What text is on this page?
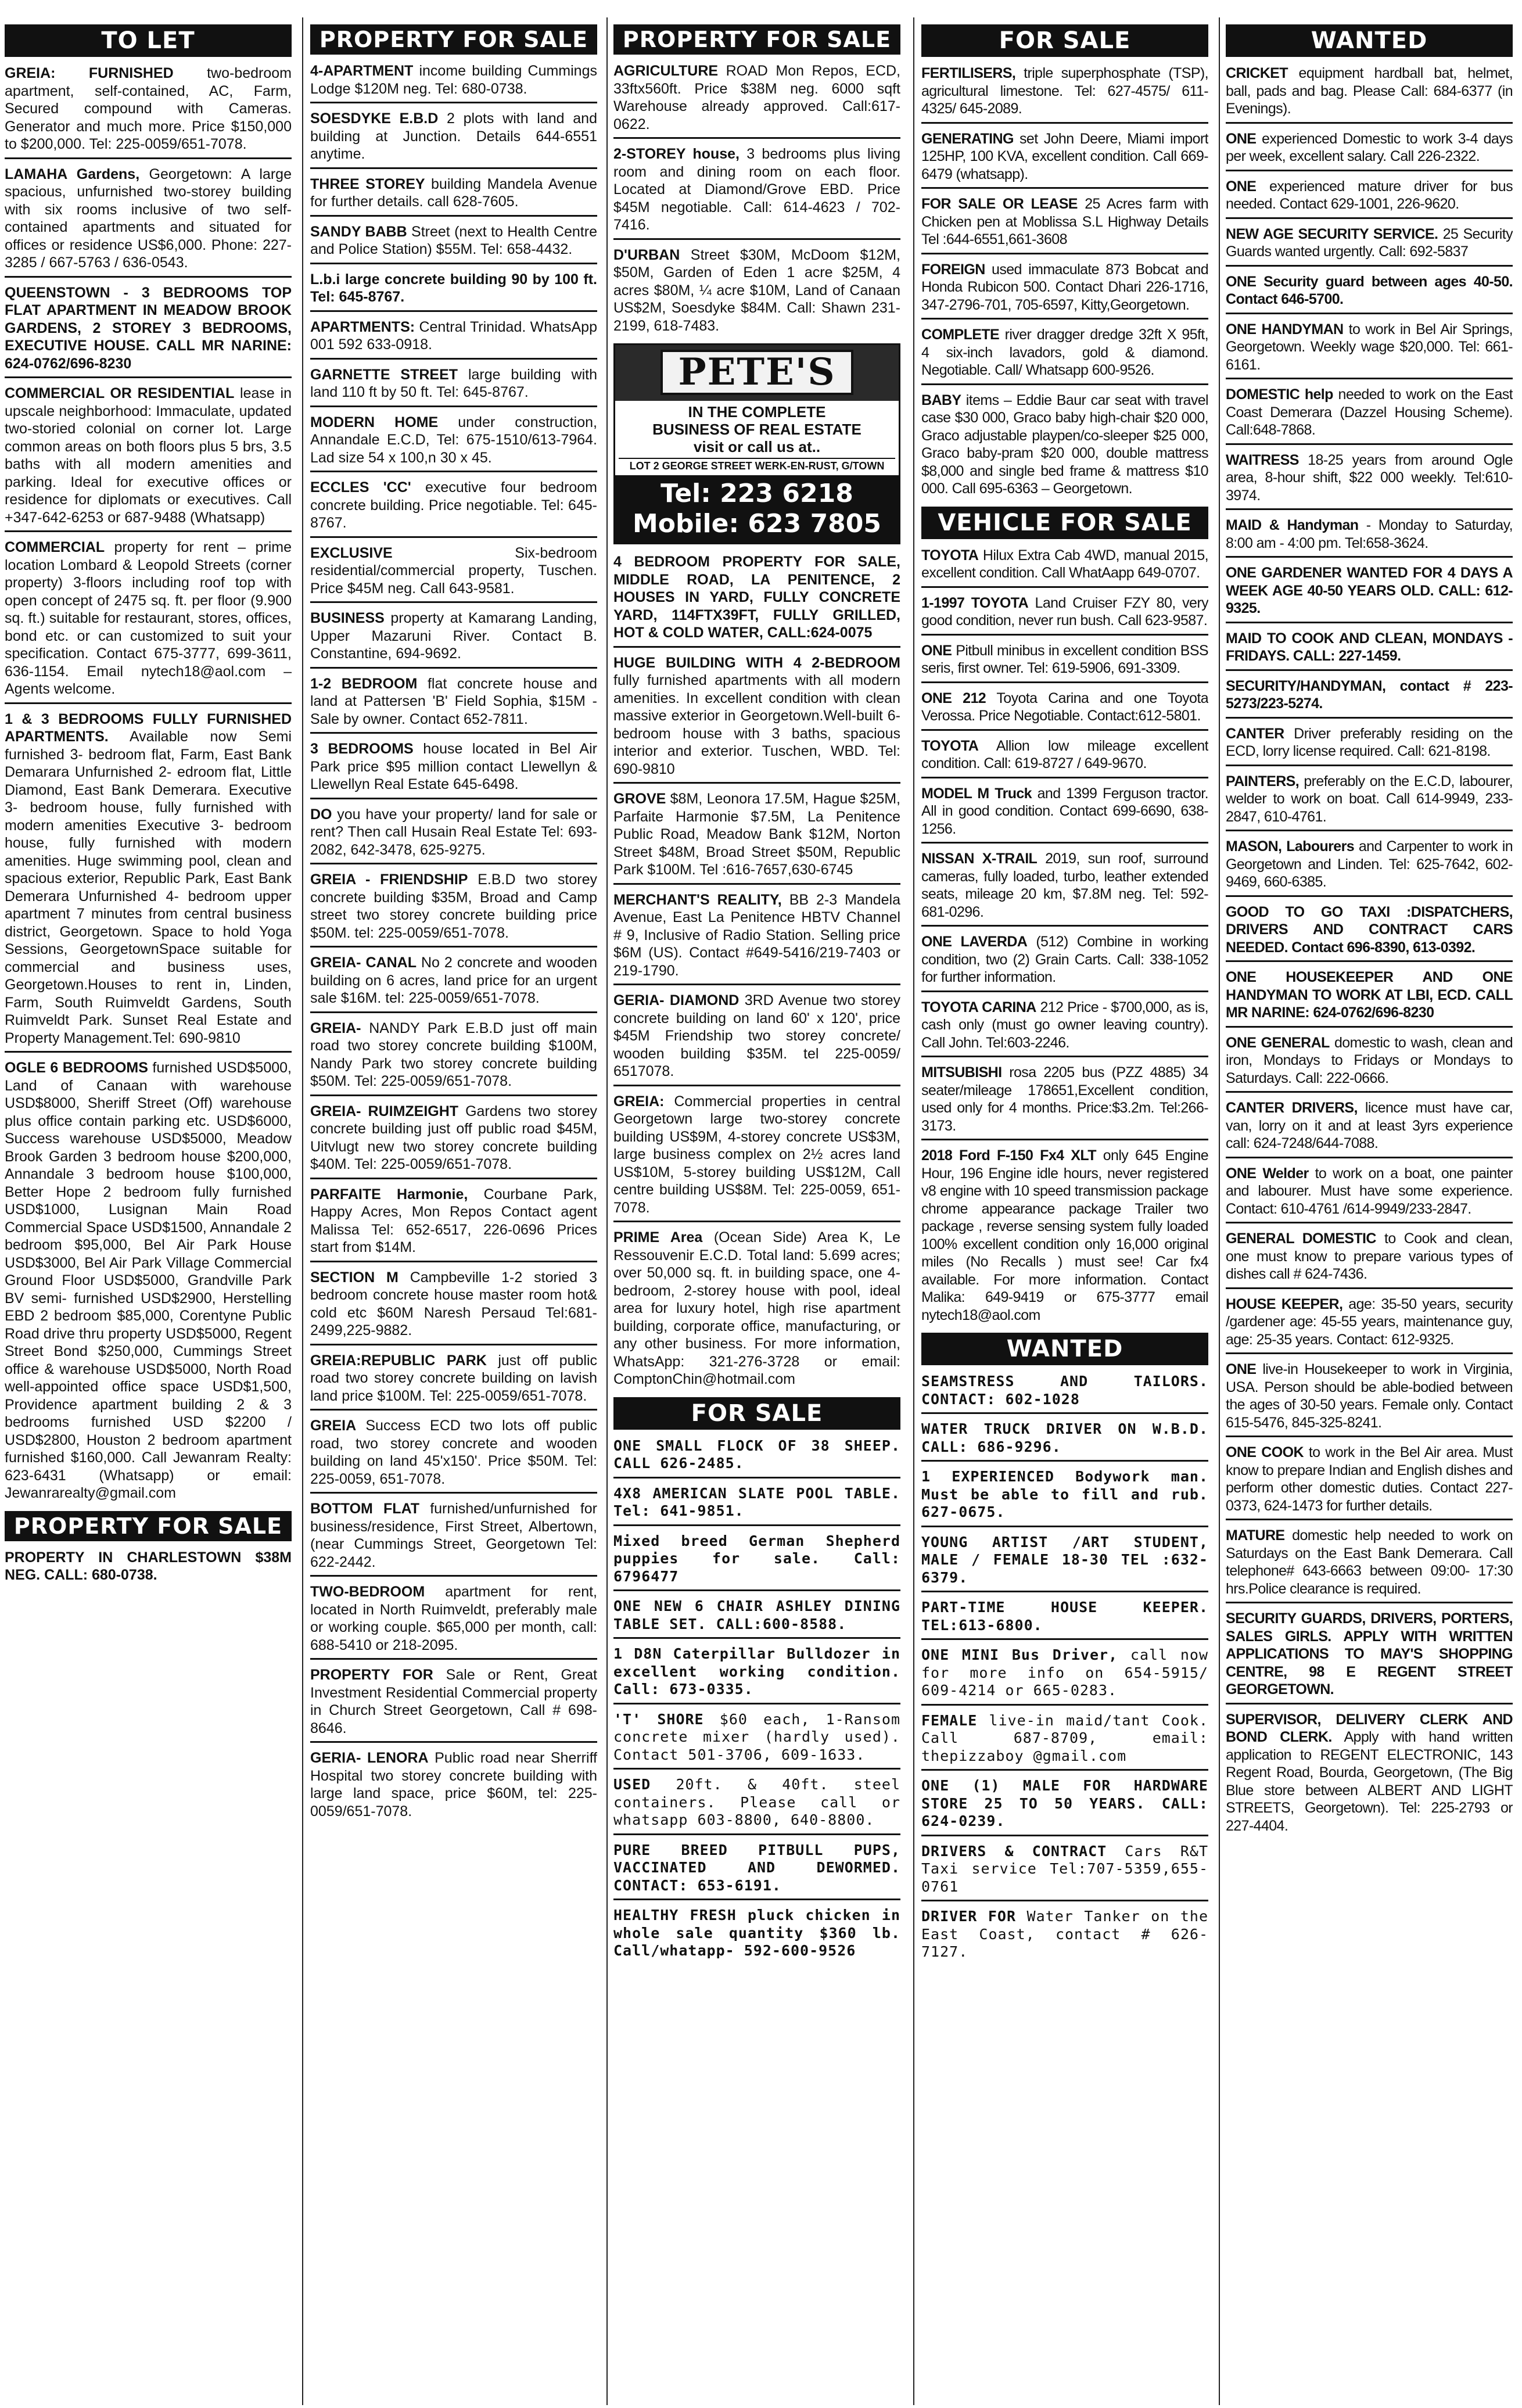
TO LET
GREIA: FURNISHED two-bedroom apartment, self-contained, AC, Farm, Secured compound with Cameras. Generator and much more. Price $150,000 to $200,000. Tel: 225-0059/651-7078.
LAMAHA Gardens, Georgetown: A large spacious, unfurnished two-storey building with six rooms inclusive of two self-contained apartments and situated for offices or residence US$6,000. Phone: 227-3285 / 667-5763 / 636-0543.
QUEENSTOWN - 3 BEDROOMS TOP FLAT APARTMENT IN MEADOW BROOK GARDENS, 2 STOREY 3 BEDROOMS, EXECUTIVE HOUSE. CALL MR NARINE: 624-0762/696-8230
COMMERCIAL OR RESIDENTIAL lease in upscale neighborhood: Immaculate, updated two-storied colonial on corner lot. Large common areas on both floors plus 5 brs, 3.5 baths with all modern amenities and parking. Ideal for executive offices or residence for diplomats or executives. Call +347-642-6253 or 687-9488 (Whatsapp)
COMMERCIAL property for rent – prime location Lombard & Leopold Streets (corner property) 3-floors including roof top with open concept of 2475 sq. ft. per floor (9.900 sq. ft.) suitable for restaurant, stores, offices, bond etc. or can customized to suit your specification. Contact 675-3777, 699-3611, 636-1154. Email nytech18@aol.com – Agents welcome.
1 & 3 BEDROOMS FULLY FURNISHED APARTMENTS. Available now Semi furnished 3- bedroom flat, Farm, East Bank Demarara Unfurnished 2- edroom flat, Little Diamond, East Bank Demerara. Executive 3- bedroom house, fully furnished with modern amenities Executive 3- bedroom house, fully furnished with modern amenities. Huge swimming pool, clean and spacious exterior, Republic Park, East Bank Demerara Unfurnished 4- bedroom upper apartment 7 minutes from central business district, Georgetown. Space to hold Yoga Sessions, GeorgetownSpace suitable for commercial and business uses, Georgetown.Houses to rent in, Linden, Farm, South Ruimveldt Gardens, South Ruimveldt Park. Sunset Real Estate and Property Management.Tel: 690-9810
OGLE 6 BEDROOMS furnished USD$5000, Land of Canaan with warehouse USD$8000, Sheriff Street (Off) warehouse plus office contain parking etc. USD$6000, Success warehouse USD$5000, Meadow Brook Garden 3 bedroom house $200,000, Annandale 3 bedroom house $100,000, Better Hope 2 bedroom fully furnished USD$1000, Lusignan Main Road Commercial Space USD$1500, Annandale 2 bedroom $95,000, Bel Air Park House USD$3000, Bel Air Park Village Commercial Ground Floor USD$5000, Grandville Park BV semi- furnished USD$2900, Herstelling EBD 2 bedroom $85,000, Corentyne Public Road drive thru property USD$5000, Regent Street Bond $250,000, Cummings Street office & warehouse USD$5000, North Road well-appointed office space USD$1,500, Providence apartment building 2 & 3 bedrooms furnished USD $2200 / USD$2800, Houston 2 bedroom apartment furnished $160,000. Call Jewanram Realty: 623-6431 (Whatsapp) or email: Jewanrarealty@gmail.com
PROPERTY FOR SALE
PROPERTY IN CHARLESTOWN $38M NEG. CALL: 680-0738.
PROPERTY FOR SALE
4-APARTMENT income building Cummings Lodge $120M neg. Tel: 680-0738.
SOESDYKE E.B.D 2 plots with land and building at Junction. Details 644-6551 anytime.
THREE STOREY building Mandela Avenue for further details. call 628-7605.
SANDY BABB Street (next to Health Centre and Police Station) $55M. Tel: 658-4432.
L.b.i large concrete building 90 by 100 ft. Tel: 645-8767.
APARTMENTS: Central Trinidad. WhatsApp 001 592 633-0918.
GARNETTE STREET large building with land 110 ft by 50 ft. Tel: 645-8767.
MODERN HOME under construction, Annandale E.C.D, Tel: 675-1510/613-7964. Lad size 54 x 100,n 30 x 45.
ECCLES 'CC' executive four bedroom concrete building. Price negotiable. Tel: 645-8767.
EXCLUSIVE Six-bedroom residential/commercial property, Tuschen. Price $45M neg. Call 643-9581.
BUSINESS property at Kamarang Landing, Upper Mazaruni River. Contact B. Constantine, 694-9692.
1-2 BEDROOM flat concrete house and land at Pattersen 'B' Field Sophia, $15M - Sale by owner. Contact 652-7811.
3 BEDROOMS house located in Bel Air Park price $95 million contact Llewellyn & Llewellyn Real Estate 645-6498.
DO you have your property/ land for sale or rent? Then call Husain Real Estate Tel: 693-2082, 642-3478, 625-9275.
GREIA - FRIENDSHIP E.B.D two storey concrete building $35M, Broad and Camp street two storey concrete building price $50M. tel: 225-0059/651-7078.
GREIA- CANAL No 2 concrete and wooden building on 6 acres, land price for an urgent sale $16M. tel: 225-0059/651-7078.
GREIA- NANDY Park E.B.D just off main road two storey concrete building $100M, Nandy Park two storey concrete building $50M. Tel: 225-0059/651-7078.
GREIA- RUIMZEIGHT Gardens two storey concrete building just off public road $45M, Uitvlugt new two storey concrete building $40M. Tel: 225-0059/651-7078.
PARFAITE Harmonie, Courbane Park, Happy Acres, Mon Repos Contact agent Malissa Tel: 652-6517, 226-0696 Prices start from $14M.
SECTION M Campbeville 1-2 storied 3 bedroom concrete house master room hot& cold etc $60M Naresh Persaud Tel:681-2499,225-9882.
GREIA:REPUBLIC PARK just off public road two storey concrete building on lavish land price $100M. Tel: 225-0059/651-7078.
GREIA Success ECD two lots off public road, two storey concrete and wooden building on land 45'x150'. Price $50M. Tel: 225-0059, 651-7078.
BOTTOM FLAT furnished/unfurnished for business/residence, First Street, Albertown, (near Cummings Street, Georgetown Tel: 622-2442.
TWO-BEDROOM apartment for rent, located in North Ruimveldt, preferably male or working couple. $65,000 per month, call: 688-5410 or 218-2095.
PROPERTY FOR Sale or Rent, Great Investment Residential Commercial property in Church Street Georgetown, Call # 698-8646.
GERIA- LENORA Public road near Sherriff Hospital two storey concrete building with large land space, price $60M, tel: 225-0059/651-7078.
PROPERTY FOR SALE
AGRICULTURE ROAD Mon Repos, ECD, 33ftx560ft. Price $38M neg. 6000 sqft Warehouse already approved. Call:617-0622.
2-STOREY house, 3 bedrooms plus living room and dining room on each floor. Located at Diamond/Grove EBD. Price $45M negotiable. Call: 614-4623 / 702-7416.
D'URBAN Street $30M, McDoom $12M, $50M, Garden of Eden 1 acre $25M, 4 acres $80M, ¼ acre $10M, Land of Canaan US$2M, Soesdyke $84M. Call: Shawn 231-2199, 618-7483.
PETE'S
IN THE COMPLETE
BUSINESS OF REAL ESTATE
visit or call us at..
LOT 2 GEORGE STREET WERK-EN-RUST, G/TOWN
Tel: 223 6218
Mobile: 623 7805
4 BEDROOM PROPERTY FOR SALE, MIDDLE ROAD, LA PENITENCE, 2 HOUSES IN YARD, FULLY CONCRETE YARD, 114FTX39FT, FULLY GRILLED, HOT & COLD WATER, CALL:624-0075
HUGE BUILDING WITH 4 2-BEDROOM fully furnished apartments with all modern amenities. In excellent condition with clean massive exterior in Georgetown.Well-built 6- bedroom house with 3 baths, spacious interior and exterior. Tuschen, WBD. Tel: 690-9810
GROVE $8M, Leonora 17.5M, Hague $25M, Parfaite Harmonie $7.5M, La Penitence Public Road, Meadow Bank $12M, Norton Street $48M, Broad Street $50M, Republic Park $100M. Tel :616-7657,630-6745
MERCHANT'S REALITY, BB 2-3 Mandela Avenue, East La Penitence HBTV Channel # 9, Inclusive of Radio Station. Selling price $6M (US). Contact #649-5416/219-7403 or 219-1790.
GERIA- DIAMOND 3RD Avenue two storey concrete building on land 60' x 120', price $45M Friendship two storey concrete/ wooden building $35M. tel 225-0059/ 6517078.
GREIA: Commercial properties in central Georgetown large two-storey concrete building US$9M, 4-storey concrete US$3M, large business complex on 2½ acres land US$10M, 5-storey building US$12M, Call centre building US$8M. Tel: 225-0059, 651-7078.
PRIME Area (Ocean Side) Area K, Le Ressouvenir E.C.D. Total land: 5.699 acres; over 50,000 sq. ft. in building space, one 4-bedroom, 2-storey house with pool, ideal area for luxury hotel, high rise apartment building, corporate office, manufacturing, or any other business. For more information, WhatsApp: 321-276-3728 or email: ComptonChin@hotmail.com
FOR SALE
ONE SMALL FLOCK OF 38 SHEEP. CALL 626-2485.
4X8 AMERICAN SLATE POOL TABLE. Tel: 641-9851.
Mixed breed German Shepherd puppies for sale. Call: 6796477
ONE NEW 6 CHAIR ASHLEY DINING TABLE SET. CALL:600-8588.
1 D8N Caterpillar Bulldozer in excellent working condition. Call: 673-0335.
'T' SHORE $60 each, 1-Ransom concrete mixer (hardly used). Contact 501-3706, 609-1633.
USED 20ft. & 40ft. steel containers. Please call or whatsapp 603-8800, 640-8800.
PURE BREED PITBULL PUPS, VACCINATED AND DEWORMED. CONTACT: 653-6191.
HEALTHY FRESH pluck chicken in whole sale quantity $360 lb. Call/whatapp- 592-600-9526
FOR SALE
FERTILISERS, triple superphosphate (TSP), agricultural limestone. Tel: 627-4575/ 611-4325/ 645-2089.
GENERATING set John Deere, Miami import 125HP, 100 KVA, excellent condition. Call 669-6479 (whatsapp).
FOR SALE OR LEASE 25 Acres farm with Chicken pen at Moblissa S.L Highway Details Tel :644-6551,661-3608
FOREIGN used immaculate 873 Bobcat and Honda Rubicon 500. Contact Dhari 226-1716, 347-2796-701, 705-6597, Kitty,Georgetown.
COMPLETE river dragger dredge 32ft X 95ft, 4 six-inch lavadors, gold & diamond. Negotiable. Call/ Whatsapp 600-9526.
BABY items – Eddie Baur car seat with travel case $30 000, Graco baby high-chair $20 000, Graco adjustable playpen/co-sleeper $25 000, Graco baby-pram $20 000, double mattress $8,000 and single bed frame & mattress $10 000. Call 695-6363 – Georgetown.
VEHICLE FOR SALE
TOYOTA Hilux Extra Cab 4WD, manual 2015, excellent condition. Call WhatAapp 649-0707.
1-1997 TOYOTA Land Cruiser FZY 80, very good condition, never run bush. Call 623-9587.
ONE Pitbull minibus in excellent condition BSS seris, first owner. Tel: 619-5906, 691-3309.
ONE 212 Toyota Carina and one Toyota Verossa. Price Negotiable. Contact:612-5801.
TOYOTA Allion low mileage excellent condition. Call: 619-8727 / 649-9670.
MODEL M Truck and 1399 Ferguson tractor. All in good condition. Contact 699-6690, 638-1256.
NISSAN X-TRAIL 2019, sun roof, surround cameras, fully loaded, turbo, leather extended seats, mileage 20 km, $7.8M neg. Tel: 592-681-0296.
ONE LAVERDA (512) Combine in working condition, two (2) Grain Carts. Call: 338-1052 for further information.
TOYOTA CARINA 212 Price - $700,000, as is, cash only (must go owner leaving country). Call John. Tel:603-2246.
MITSUBISHI rosa 2205 bus (PZZ 4885) 34 seater/mileage 178651,Excellent condition, used only for 4 months. Price:$3.2m. Tel:266-3173.
2018 Ford F-150 Fx4 XLT only 645 Engine Hour, 196 Engine idle hours, never registered v8 engine with 10 speed transmission package chrome appearance package Trailer two package , reverse sensing system fully loaded 100% excellent condition only 16,000 original miles (No Recalls ) must see! Car fx4 available. For more information. Contact Malika: 649-9419 or 675-3777 email nytech18@aol.com
WANTED
SEAMSTRESS AND TAILORS. CONTACT: 602-1028
WATER TRUCK DRIVER ON W.B.D. CALL: 686-9296.
1 EXPERIENCED Bodywork man. Must be able to fill and rub. 627-0675.
YOUNG ARTIST /ART STUDENT, MALE / FEMALE 18-30 TEL :632-6379.
PART-TIME HOUSE KEEPER. TEL:613-6800.
ONE MINI Bus Driver, call now for more info on 654-5915/ 609-4214 or 665-0283.
FEMALE live-in maid/tant Cook. Call 687-8709, email: thepizzaboy @gmail.com
ONE (1) MALE FOR HARDWARE STORE 25 TO 50 YEARS. CALL: 624-0239.
DRIVERS & CONTRACT Cars R&T Taxi service Tel:707-5359,655-0761
DRIVER FOR Water Tanker on the East Coast, contact # 626-7127.
WANTED
CRICKET equipment hardball bat, helmet, ball, pads and bag. Please Call: 684-6377 (in Evenings).
ONE experienced Domestic to work 3-4 days per week, excellent salary. Call 226-2322.
ONE experienced mature driver for bus needed. Contact 629-1001, 226-9620.
NEW AGE SECURITY SERVICE. 25 Security Guards wanted urgently. Call: 692-5837
ONE Security guard between ages 40-50. Contact 646-5700.
ONE HANDYMAN to work in Bel Air Springs, Georgetown. Weekly wage $20,000. Tel: 661-6161.
DOMESTIC help needed to work on the East Coast Demerara (Dazzel Housing Scheme). Call:648-7868.
WAITRESS 18-25 years from around Ogle area, 8-hour shift, $22 000 weekly. Tel:610-3974.
MAID & Handyman - Monday to Saturday, 8:00 am - 4:00 pm. Tel:658-3624.
ONE GARDENER WANTED FOR 4 DAYS A WEEK AGE 40-50 YEARS OLD. CALL: 612-9325.
MAID TO COOK AND CLEAN, MONDAYS - FRIDAYS. CALL: 227-1459.
SECURITY/HANDYMAN, contact # 223-5273/223-5274.
CANTER Driver preferably residing on the ECD, lorry license required. Call: 621-8198.
PAINTERS, preferably on the E.C.D, labourer, welder to work on boat. Call 614-9949, 233-2847, 610-4761.
MASON, Labourers and Carpenter to work in Georgetown and Linden. Tel: 625-7642, 602-9469, 660-6385.
GOOD TO GO TAXI :DISPATCHERS, DRIVERS AND CONTRACT CARS NEEDED. Contact 696-8390, 613-0392.
ONE HOUSEKEEPER AND ONE HANDYMAN TO WORK AT LBI, ECD. CALL MR NARINE: 624-0762/696-8230
ONE GENERAL domestic to wash, clean and iron, Mondays to Fridays or Mondays to Saturdays. Call: 222-0666.
CANTER DRIVERS, licence must have car, van, lorry on it and at least 3yrs experience call: 624-7248/644-7088.
ONE Welder to work on a boat, one painter and labourer. Must have some experience. Contact: 610-4761 /614-9949/233-2847.
GENERAL DOMESTIC to Cook and clean, one must know to prepare various types of dishes call # 624-7436.
HOUSE KEEPER, age: 35-50 years, security /gardener age: 45-55 years, maintenance guy, age: 25-35 years. Contact: 612-9325.
ONE live-in Housekeeper to work in Virginia, USA. Person should be able-bodied between the ages of 30-50 years. Female only. Contact 615-5476, 845-325-8241.
ONE COOK to work in the Bel Air area. Must know to prepare Indian and English dishes and perform other domestic duties. Contact 227-0373, 624-1473 for further details.
MATURE domestic help needed to work on Saturdays on the East Bank Demerara. Call telephone# 643-6663 between 09:00- 17:30 hrs.Police clearance is required.
SECURITY GUARDS, DRIVERS, PORTERS, SALES GIRLS. APPLY WITH WRITTEN APPLICATIONS TO MAY'S SHOPPING CENTRE, 98 E REGENT STREET GEORGETOWN.
SUPERVISOR, DELIVERY CLERK AND BOND CLERK. Apply with hand written application to REGENT ELECTRONIC, 143 Regent Road, Bourda, Georgetown, (The Big Blue store between ALBERT AND LIGHT STREETS, Georgetown). Tel: 225-2793 or 227-4404.
